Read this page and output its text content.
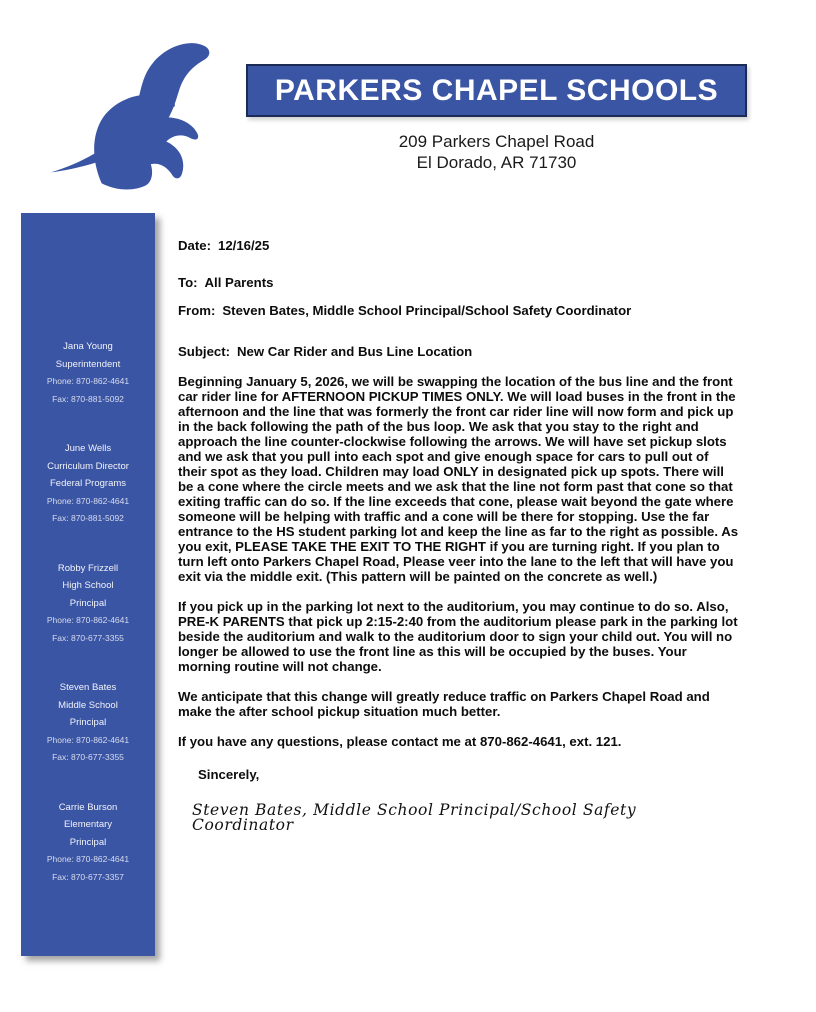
PARKERS CHAPEL SCHOOLS
209 Parkers Chapel Road
El Dorado, AR 71730
Jana Young
Superintendent
Phone: 870-862-4641
Fax: 870-881-5092
June Wells
Curriculum Director
Federal Programs
Phone: 870-862-4641
Fax: 870-881-5092
Robby Frizzell
High School
Principal
Phone: 870-862-4641
Fax: 870-677-3355
Steven Bates
Middle School
Principal
Phone: 870-862-4641
Fax: 870-677-3355
Carrie Burson
Elementary
Principal
Phone: 870-862-4641
Fax: 870-677-3357
Date: 12/16/25
To: All Parents
From: Steven Bates, Middle School Principal/School Safety Coordinator
Subject: New Car Rider and Bus Line Location

Beginning January 5, 2026, we will be swapping the location of the bus line and the front car rider line for AFTERNOON PICKUP TIMES ONLY. We will load buses in the front in the afternoon and the line that was formerly the front car rider line will now form and pick up in the back following the path of the bus loop. We ask that you stay to the right and approach the line counter-clockwise following the arrows. We will have set pickup slots and we ask that you pull into each spot and give enough space for cars to pull out of their spot as they load. Children may load ONLY in designated pick up spots. There will be a cone where the circle meets and we ask that the line not form past that cone so that exiting traffic can do so. If the line exceeds that cone, please wait beyond the gate where someone will be helping with traffic and a cone will be there for stopping. Use the far entrance to the HS student parking lot and keep the line as far to the right as possible. As you exit, PLEASE TAKE THE EXIT TO THE RIGHT if you are turning right. If you plan to turn left onto Parkers Chapel Road, Please veer into the lane to the left that will have you exit via the middle exit. (This pattern will be painted on the concrete as well.)

If you pick up in the parking lot next to the auditorium, you may continue to do so. Also, PRE-K PARENTS that pick up 2:15-2:40 from the auditorium please park in the parking lot beside the auditorium and walk to the auditorium door to sign your child out. You will no longer be allowed to use the front line as this will be occupied by the buses. Your morning routine will not change.

We anticipate that this change will greatly reduce traffic on Parkers Chapel Road and make the after school pickup situation much better.

If you have any questions, please contact me at 870-862-4641, ext. 121.

Sincerely,
Steven Bates, Middle School Principal/School Safety Coordinator
